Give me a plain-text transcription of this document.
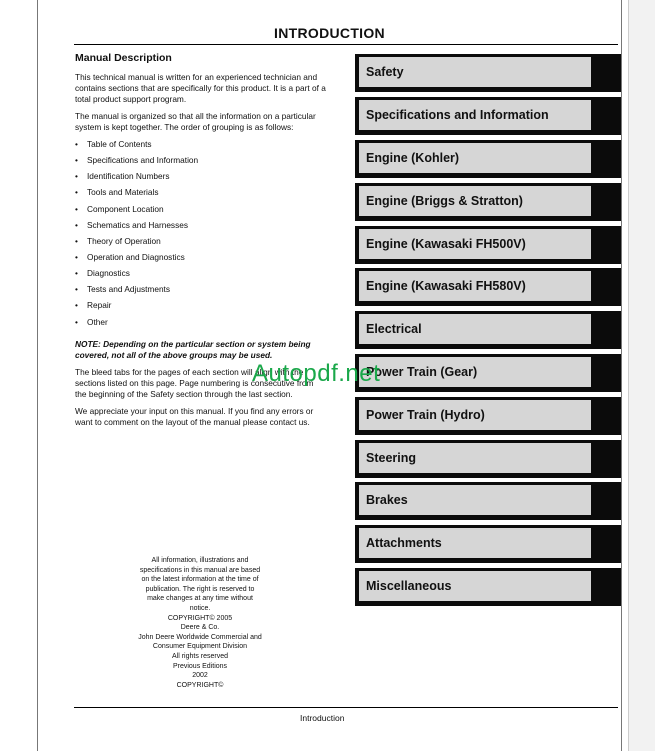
INTRODUCTION
Manual Description

This technical manual is written for an experienced technician and contains sections that are specifically for this product. It is a part of a total product support program.

The manual is organized so that all the information on a particular system is kept together. The order of grouping is as follows:

• Table of Contents
• Specifications and Information
• Identification Numbers
• Tools and Materials
• Component Location
• Schematics and Harnesses
• Theory of Operation
• Operation and Diagnostics
• Diagnostics
• Tests and Adjustments
• Repair
• Other

NOTE: Depending on the particular section or system being covered, not all of the above groups may be used.

The bleed tabs for the pages of each section will align with the sections listed on this page. Page numbering is consecutive from the beginning of the Safety section through the last section.

We appreciate your input on this manual. If you find any errors or want to comment on the layout of the manual please contact us.

All information, illustrations and
specifications in this manual are based
on the latest information at the time of
publication. The right is reserved to
make changes at any time without
notice.
COPYRIGHT© 2005
Deere & Co.
John Deere Worldwide Commercial and
Consumer Equipment Division
All rights reserved
Previous Editions
2002
COPYRIGHT©
Safety
Specifications and Information
Engine (Kohler)
Engine (Briggs & Stratton)
Engine (Kawasaki FH500V)
Engine (Kawasaki FH580V)
Electrical
Power Train (Gear)
Power Train (Hydro)
Steering
Brakes
Attachments
Miscellaneous
Autopdf.net
Introduction
